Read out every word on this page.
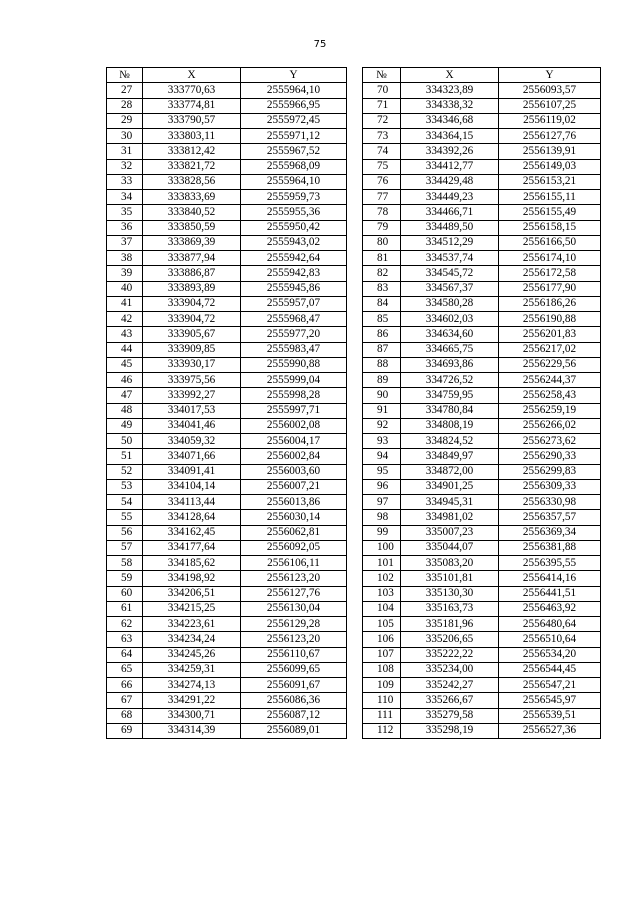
75
№	X	Y		№	X	Y
27	333770,63	2555964,10		70	334323,89	2556093,57
28	333774,81	2555966,95		71	334338,32	2556107,25
29	333790,57	2555972,45		72	334346,68	2556119,02
30	333803,11	2555971,12		73	334364,15	2556127,76
31	333812,42	2555967,52		74	334392,26	2556139,91
32	333821,72	2555968,09		75	334412,77	2556149,03
33	333828,56	2555964,10		76	334429,48	2556153,21
34	333833,69	2555959,73		77	334449,23	2556155,11
35	333840,52	2555955,36		78	334466,71	2556155,49
36	333850,59	2555950,42		79	334489,50	2556158,15
37	333869,39	2555943,02		80	334512,29	2556166,50
38	333877,94	2555942,64		81	334537,74	2556174,10
39	333886,87	2555942,83		82	334545,72	2556172,58
40	333893,89	2555945,86		83	334567,37	2556177,90
41	333904,72	2555957,07		84	334580,28	2556186,26
42	333904,72	2555968,47		85	334602,03	2556190,88
43	333905,67	2555977,20		86	334634,60	2556201,83
44	333909,85	2555983,47		87	334665,75	2556217,02
45	333930,17	2555990,88		88	334693,86	2556229,56
46	333975,56	2555999,04		89	334726,52	2556244,37
47	333992,27	2555998,28		90	334759,95	2556258,43
48	334017,53	2555997,71		91	334780,84	2556259,19
49	334041,46	2556002,08		92	334808,19	2556266,02
50	334059,32	2556004,17		93	334824,52	2556273,62
51	334071,66	2556002,84		94	334849,97	2556290,33
52	334091,41	2556003,60		95	334872,00	2556299,83
53	334104,14	2556007,21		96	334901,25	2556309,33
54	334113,44	2556013,86		97	334945,31	2556330,98
55	334128,64	2556030,14		98	334981,02	2556357,57
56	334162,45	2556062,81		99	335007,23	2556369,34
57	334177,64	2556092,05		100	335044,07	2556381,88
58	334185,62	2556106,11		101	335083,20	2556395,55
59	334198,92	2556123,20		102	335101,81	2556414,16
60	334206,51	2556127,76		103	335130,30	2556441,51
61	334215,25	2556130,04		104	335163,73	2556463,92
62	334223,61	2556129,28		105	335181,96	2556480,64
63	334234,24	2556123,20		106	335206,65	2556510,64
64	334245,26	2556110,67		107	335222,22	2556534,20
65	334259,31	2556099,65		108	335234,00	2556544,45
66	334274,13	2556091,67		109	335242,27	2556547,21
67	334291,22	2556086,36		110	335266,67	2556545,97
68	334300,71	2556087,12		111	335279,58	2556539,51
69	334314,39	2556089,01		112	335298,19	2556527,36
